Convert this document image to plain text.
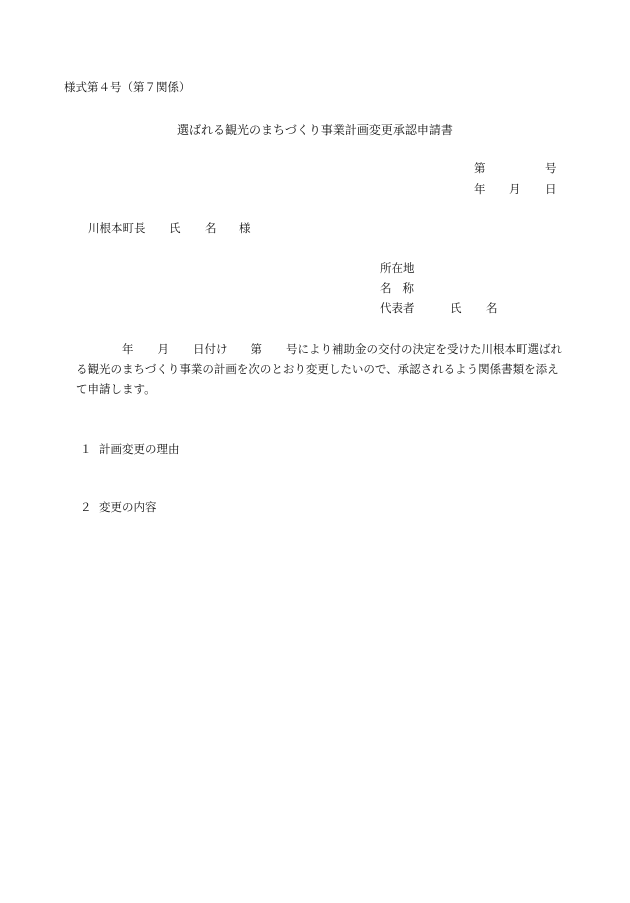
様式第４号（第７関係）
選ばれる観光のまちづくり事業計画変更承認申請書
第	号
年 月 日
川根本町長 氏 名 様
所在地
名 称
代表者	氏 名
年 月 日付け 第 号により補助金の交付の決定を受けた川根本町選ばれ
る観光のまちづくり事業の計画を次のとおり変更したいので、承認されるよう関係書類を添え
て申請します。
１ 計画変更の理由
２ 変更の内容
